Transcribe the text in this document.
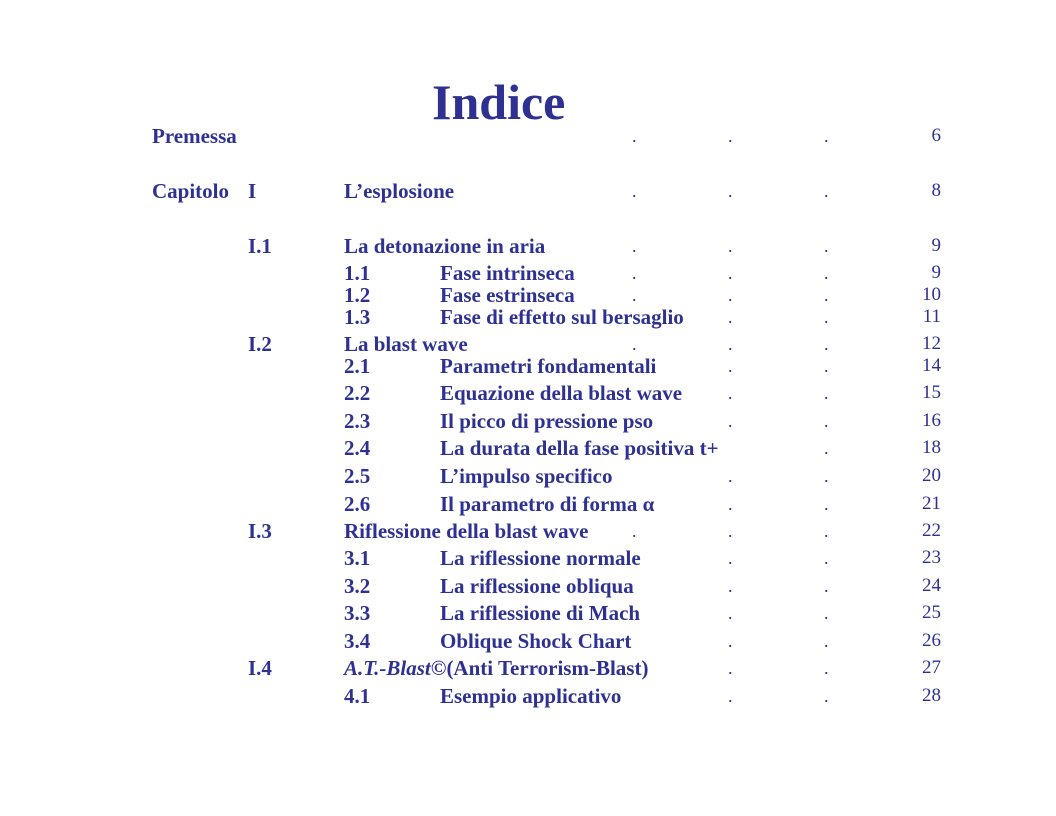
Indice
Premessa	.	.	.	6
Capitolo I	L’esplosione	.	.	.	8
I.1	La detonazione in aria	.	.	.	9
1.1	Fase intrinseca	.	.	.	9
1.2	Fase estrinseca	.	.	.	10
1.3	Fase di effetto sul bersaglio .	.	11
I.2	La blast wave	.	.	.	12
2.1	Parametri fondamentali	.	.	14
2.2	Equazione della blast wave	.	.	15
2.3	Il picco di pressione pso	.	.	16
2.4	La durata della fase positiva t+	.	18
2.5	L’impulso specifico	.	.	20
2.6	Il parametro di forma α	.	.	21
I.3	Riflessione della blast wave .	.	.	22
3.1	La riflessione normale	.	.	23
3.2	La riflessione obliqua	.	.	24
3.3	La riflessione di Mach	.	.	25
3.4	Oblique Shock Chart	.	.	26
I.4	A.T.-Blast©(Anti Terrorism-Blast)	.	.	27
4.1	Esempio applicativo	.	.	28
